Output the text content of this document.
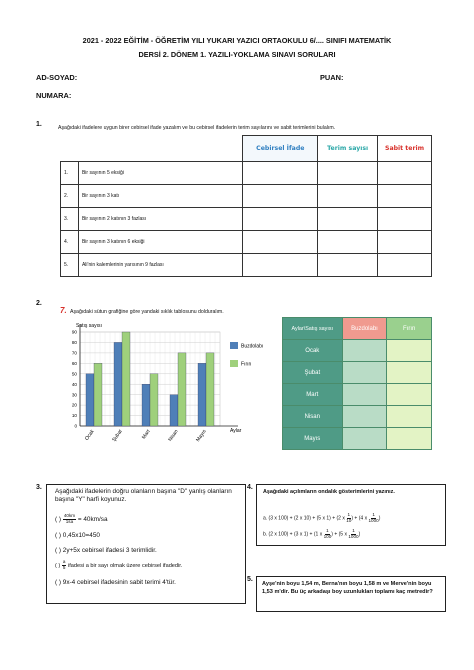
2021 - 2022 EĞİTİM - ÖĞRETİM YILI YUKARI YAZICI ORTAOKULU 6/.... SINIFI MATEMATİK
DERSİ 2. DÖNEM 1. YAZILI-YOKLAMA SINAVI SORULARI
AD-SOYAD:	PUAN:
NUMARA:
1.	Aşağıdaki ifadelere uygun birer cebirsel ifade yazalım ve bu cebirsel ifadelerin terim sayılarını ve sabit terimlerini bulalım.
		Cebirsel İfade	Terim sayısı	Sabit terim
1.	Bir sayının 5 eksiği			
2.	Bir sayının 3 katı			
3.	Bir sayının 2 katının 3 fazlası			
4.	Bir sayının 3 katının 6 eksiği			
5.	Ali'nin kalemlerinin yarısının 9 fazlası			
2.
7. Aşağıdaki sütun grafiğine göre yandaki sıklık tablosunu dolduralım.
0
10
20
30
40
50
60
70
80
90
Satış sayısı
Aylar
Ocak	Şubat	Mart	Nisan	Mayıs
Buzdolabı
Fırın
Aylar\Satış sayısı	Buzdolabı	Fırın
Ocak		
Şubat		
Mart		
Nisan		
Mayıs		
3.
Aşağıdaki ifadelerin doğru olanların başına "D" yanlış olanların başına "Y" harfi koyunuz.
( ) $\frac{40km}{1sa} = 40km/sa$
( ) 0,45x10=450
( ) 2y+5x cebirsel ifadesi 3 terimlidir.
( ) $\frac{a}{5}$ ifadesi a bir sayı olmak üzere cebirsel ifadedir.
( ) 9x-4 cebirsel ifadesinin sabit terimi 4'tür.
4.
Aşağıdaki açılımların ondalık gösterimlerini yazınız.
a. (3 x 100) + (2 x 10) + (5 x 1) + (2 x $\frac{1}{10}$ ) + (4 x $\frac{1}{1000}$ )
b. (2 x 100) + (3 x 1) + (1 x $\frac{1}{100}$ ) + (5 x $\frac{1}{1000}$ )
5.
Ayşe'nin boyu 1,54 m, Berna'nın boyu 1,58 m ve Merve'nin boyu 1,53 m'dir. Bu üç arkadaşı boy uzunlukları toplamı kaç metredir?
